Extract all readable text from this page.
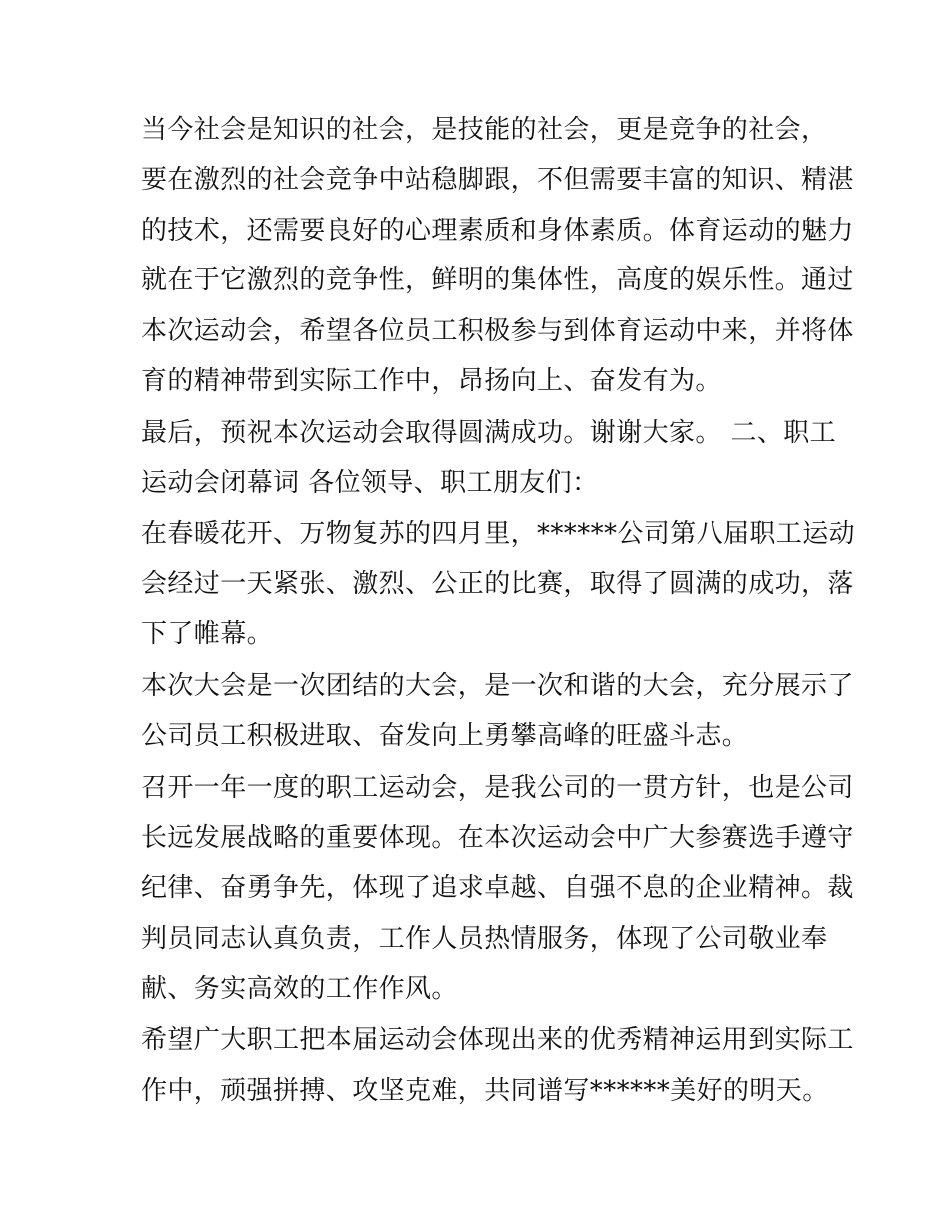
当今社会是知识的社会，是技能的社会，更是竞争的社会，
要在激烈的社会竞争中站稳脚跟，不但需要丰富的知识、精湛
的技术，还需要良好的心理素质和身体素质。体育运动的魅力
就在于它激烈的竞争性，鲜明的集体性，高度的娱乐性。通过
本次运动会，希望各位员工积极参与到体育运动中来，并将体
育的精神带到实际工作中，昂扬向上、奋发有为。
最后，预祝本次运动会取得圆满成功。谢谢大家。 二、职工
运动会闭幕词 各位领导、职工朋友们：
在春暖花开、万物复苏的四月里，******公司第八届职工运动
会经过一天紧张、激烈、公正的比赛，取得了圆满的成功，落
下了帷幕。
本次大会是一次团结的大会，是一次和谐的大会，充分展示了
公司员工积极进取、奋发向上勇攀高峰的旺盛斗志。
召开一年一度的职工运动会，是我公司的一贯方针，也是公司
长远发展战略的重要体现。在本次运动会中广大参赛选手遵守
纪律、奋勇争先，体现了追求卓越、自强不息的企业精神。裁
判员同志认真负责，工作人员热情服务，体现了公司敬业奉
献、务实高效的工作作风。
希望广大职工把本届运动会体现出来的优秀精神运用到实际工
作中，顽强拼搏、攻坚克难，共同谱写******美好的明天。
